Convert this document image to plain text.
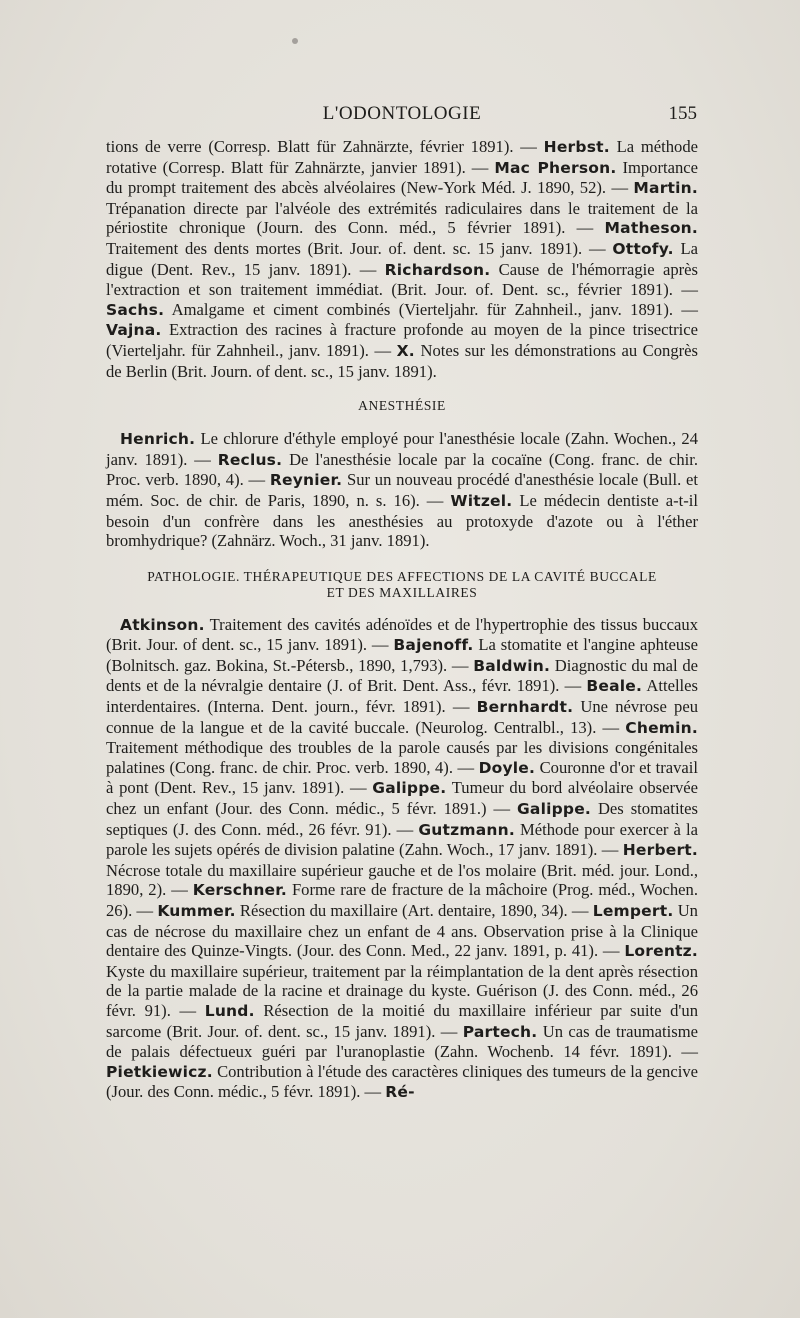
L'ODONTOLOGIE	155

tions de verre (Corresp. Blatt für Zahnärzte, février 1891). — Herbst. La méthode rotative (Corresp. Blatt für Zahnärzte, janvier 1891). — Mac Pherson. Importance du prompt traitement des abcès alvéolaires (New-York Méd. J. 1890, 52). — Martin. Trépanation directe par l'alvéole des extrémités radiculaires dans le traitement de la périostite chronique (Journ. des Conn. méd., 5 février 1891). — Matheson. Traitement des dents mortes (Brit. Jour. of. dent. sc. 15 janv. 1891). — Ottofy. La digue (Dent. Rev., 15 janv. 1891). — Richardson. Cause de l'hémorragie après l'extraction et son traitement immédiat. (Brit. Jour. of. Dent. sc., février 1891). — Sachs. Amalgame et ciment combinés (Vierteljahr. für Zahnheil., janv. 1891). — Vajna. Extraction des racines à fracture profonde au moyen de la pince trisectrice (Vierteljahr. für Zahnheil., janv. 1891). — X. Notes sur les démonstrations au Congrès de Berlin (Brit. Journ. of dent. sc., 15 janv. 1891).

ANESTHÉSIE

Henrich. Le chlorure d'éthyle employé pour l'anesthésie locale (Zahn. Wochen., 24 janv. 1891). — Reclus. De l'anesthésie locale par la cocaïne (Cong. franc. de chir. Proc. verb. 1890, 4). — Reynier. Sur un nouveau procédé d'anesthésie locale (Bull. et mém. Soc. de chir. de Paris, 1890, n. s. 16). — Witzel. Le médecin dentiste a-t-il besoin d'un confrère dans les anesthésies au protoxyde d'azote ou à l'éther bromhydrique? (Zahnärz. Woch., 31 janv. 1891).

PATHOLOGIE. THÉRAPEUTIQUE DES AFFECTIONS DE LA CAVITÉ BUCCALE
ET DES MAXILLAIRES

Atkinson. Traitement des cavités adénoïdes et de l'hypertrophie des tissus buccaux (Brit. Jour. of dent. sc., 15 janv. 1891). — Bajenoff. La stomatite et l'angine aphteuse (Bolnitsch. gaz. Bokina, St.-Pétersb., 1890, 1,793). — Baldwin. Diagnostic du mal de dents et de la névralgie dentaire (J. of Brit. Dent. Ass., févr. 1891). — Beale. Attelles interdentaires. (Interna. Dent. journ., févr. 1891). — Bernhardt. Une névrose peu connue de la langue et de la cavité buccale. (Neurolog. Centralbl., 13). — Chemin. Traitement méthodique des troubles de la parole causés par les divisions congénitales palatines (Cong. franc. de chir. Proc. verb. 1890, 4). — Doyle. Couronne d'or et travail à pont (Dent. Rev., 15 janv. 1891). — Galippe. Tumeur du bord alvéolaire observée chez un enfant (Jour. des Conn. médic., 5 févr. 1891.) — Galippe. Des stomatites septiques (J. des Conn. méd., 26 févr. 91). — Gutzmann. Méthode pour exercer à la parole les sujets opérés de division palatine (Zahn. Woch., 17 janv. 1891). — Herbert. Nécrose totale du maxillaire supérieur gauche et de l'os molaire (Brit. méd. jour. Lond., 1890, 2). — Kerschner. Forme rare de fracture de la mâchoire (Prog. méd., Wochen. 26). — Kummer. Résection du maxillaire (Art. dentaire, 1890, 34). — Lempert. Un cas de nécrose du maxillaire chez un enfant de 4 ans. Observation prise à la Clinique dentaire des Quinze-Vingts. (Jour. des Conn. Med., 22 janv. 1891, p. 41). — Lorentz. Kyste du maxillaire supérieur, traitement par la réimplantation de la dent après résection de la partie malade de la racine et drainage du kyste. Guérison (J. des Conn. méd., 26 févr. 91). — Lund. Résection de la moitié du maxillaire inférieur par suite d'un sarcome (Brit. Jour. of. dent. sc., 15 janv. 1891). — Partech. Un cas de traumatisme de palais défectueux guéri par l'uranoplastie (Zahn. Wochenb. 14 févr. 1891). — Pietkiewicz. Contribution à l'étude des caractères cliniques des tumeurs de la gencive (Jour. des Conn. médic., 5 févr. 1891). — Ré-
